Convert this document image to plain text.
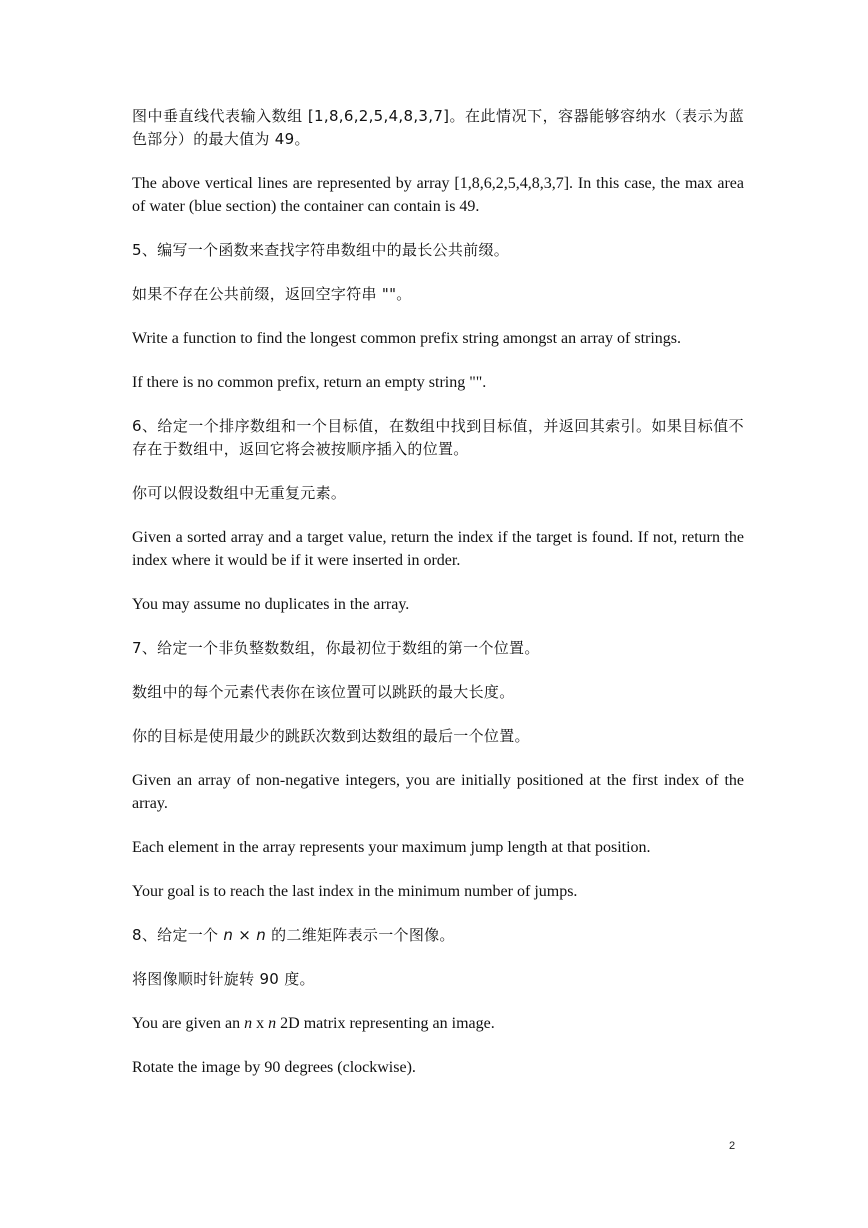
图中垂直线代表输入数组 [1,8,6,2,5,4,8,3,7]。在此情况下，容器能够容纳水（表示为蓝色部分）的最大值为 49。

The above vertical lines are represented by array [1,8,6,2,5,4,8,3,7]. In this case, the max area of water (blue section) the container can contain is 49.

5、编写一个函数来查找字符串数组中的最长公共前缀。

如果不存在公共前缀，返回空字符串 ""。

Write a function to find the longest common prefix string amongst an array of strings.

If there is no common prefix, return an empty string "".

6、给定一个排序数组和一个目标值，在数组中找到目标值，并返回其索引。如果目标值不存在于数组中，返回它将会被按顺序插入的位置。

你可以假设数组中无重复元素。

Given a sorted array and a target value, return the index if the target is found. If not, return the index where it would be if it were inserted in order.

You may assume no duplicates in the array.

7、给定一个非负整数数组，你最初位于数组的第一个位置。

数组中的每个元素代表你在该位置可以跳跃的最大长度。

你的目标是使用最少的跳跃次数到达数组的最后一个位置。

Given an array of non-negative integers, you are initially positioned at the first index of the array.

Each element in the array represents your maximum jump length at that position.

Your goal is to reach the last index in the minimum number of jumps.

8、给定一个 n × n 的二维矩阵表示一个图像。

将图像顺时针旋转 90 度。

You are given an n x n 2D matrix representing an image.

Rotate the image by 90 degrees (clockwise).

2
